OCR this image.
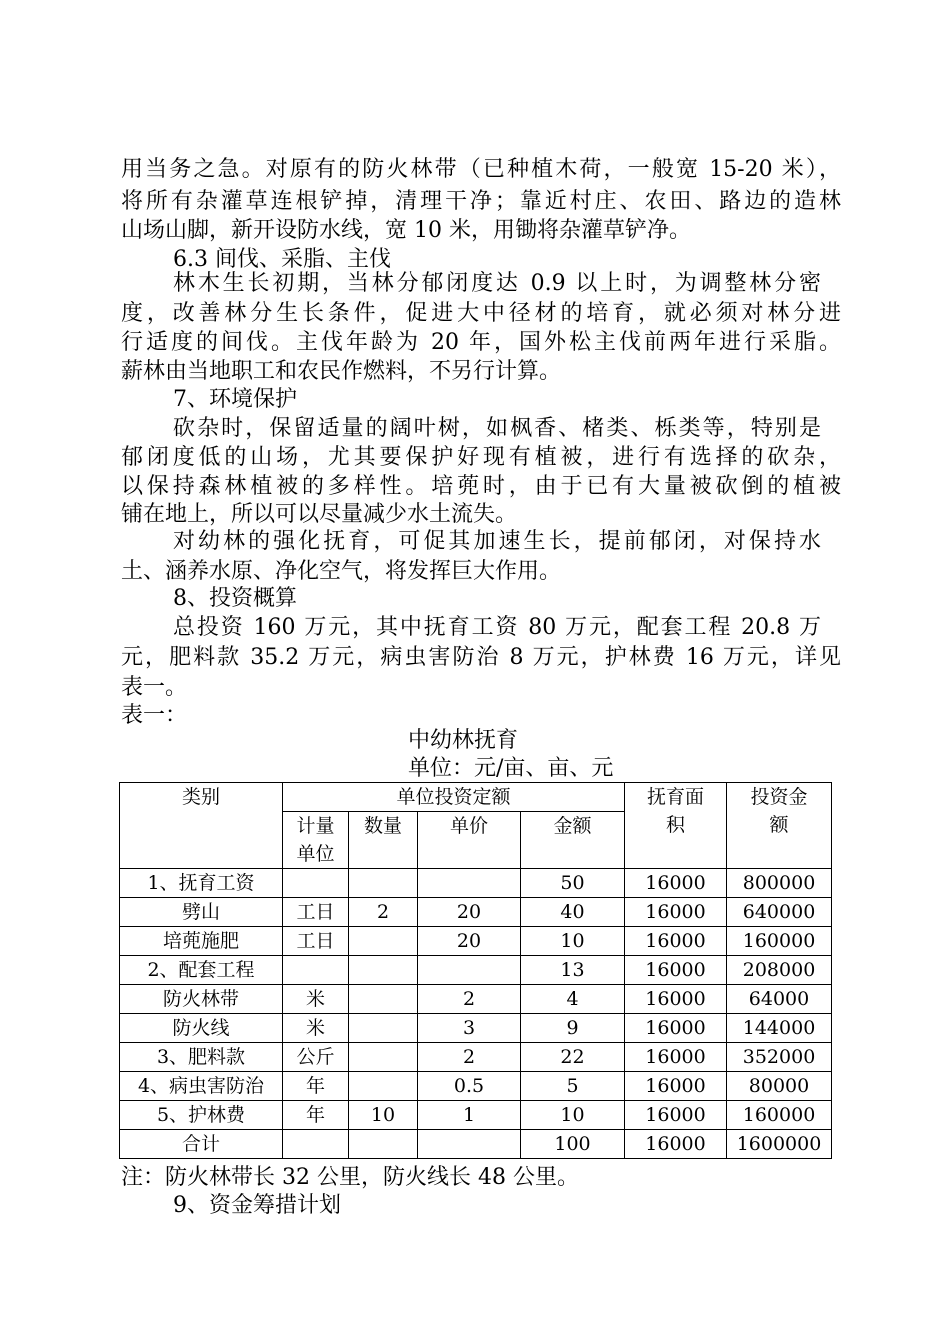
用当务之急。对原有的防火林带（已种植木荷，一般宽 15-20 米），
将所有杂灌草连根铲掉，清理干净；靠近村庄、农田、路边的造林
山场山脚，新开设防水线，宽 10 米，用锄将杂灌草铲净。
6.3 间伐、采脂、主伐
林木生长初期，当林分郁闭度达 0.9 以上时，为调整林分密
度，改善林分生长条件，促进大中径材的培育，就必须对林分进
行适度的间伐。主伐年龄为 20 年，国外松主伐前两年进行采脂。
薪林由当地职工和农民作燃料，不另行计算。
7、环境保护
砍杂时，保留适量的阔叶树，如枫香、楮类、栎类等，特别是
郁闭度低的山场，尤其要保护好现有植被，进行有选择的砍杂，
以保持森林植被的多样性。培蔸时，由于已有大量被砍倒的植被
铺在地上，所以可以尽量减少水土流失。
对幼林的强化抚育，可促其加速生长，提前郁闭，对保持水
土、涵养水原、净化空气，将发挥巨大作用。
8、投资概算
总投资 160 万元，其中抚育工资 80 万元，配套工程 20.8 万
元，肥料款 35.2 万元，病虫害防治 8 万元，护林费 16 万元，详见
表一。
表一：
中幼林抚育
单位：元/亩、亩、元
类别	单位投资定额				抚育面积	投资金额
	计量单位	数量	单价	金额		
1、抚育工资				50	16000	800000
劈山	工日	2	20	40	16000	640000
培蔸施肥	工日		20	10	16000	160000
2、配套工程				13	16000	208000
防火林带	米		2	4	16000	64000
防火线	米		3	9	16000	144000
3、肥料款	公斤		2	22	16000	352000
4、病虫害防治	年		0.5	5	16000	80000
5、护林费	年	10	1	10	16000	160000
合计				100	16000	1600000
注：防火林带长 32 公里，防火线长 48 公里。
9、资金筹措计划
